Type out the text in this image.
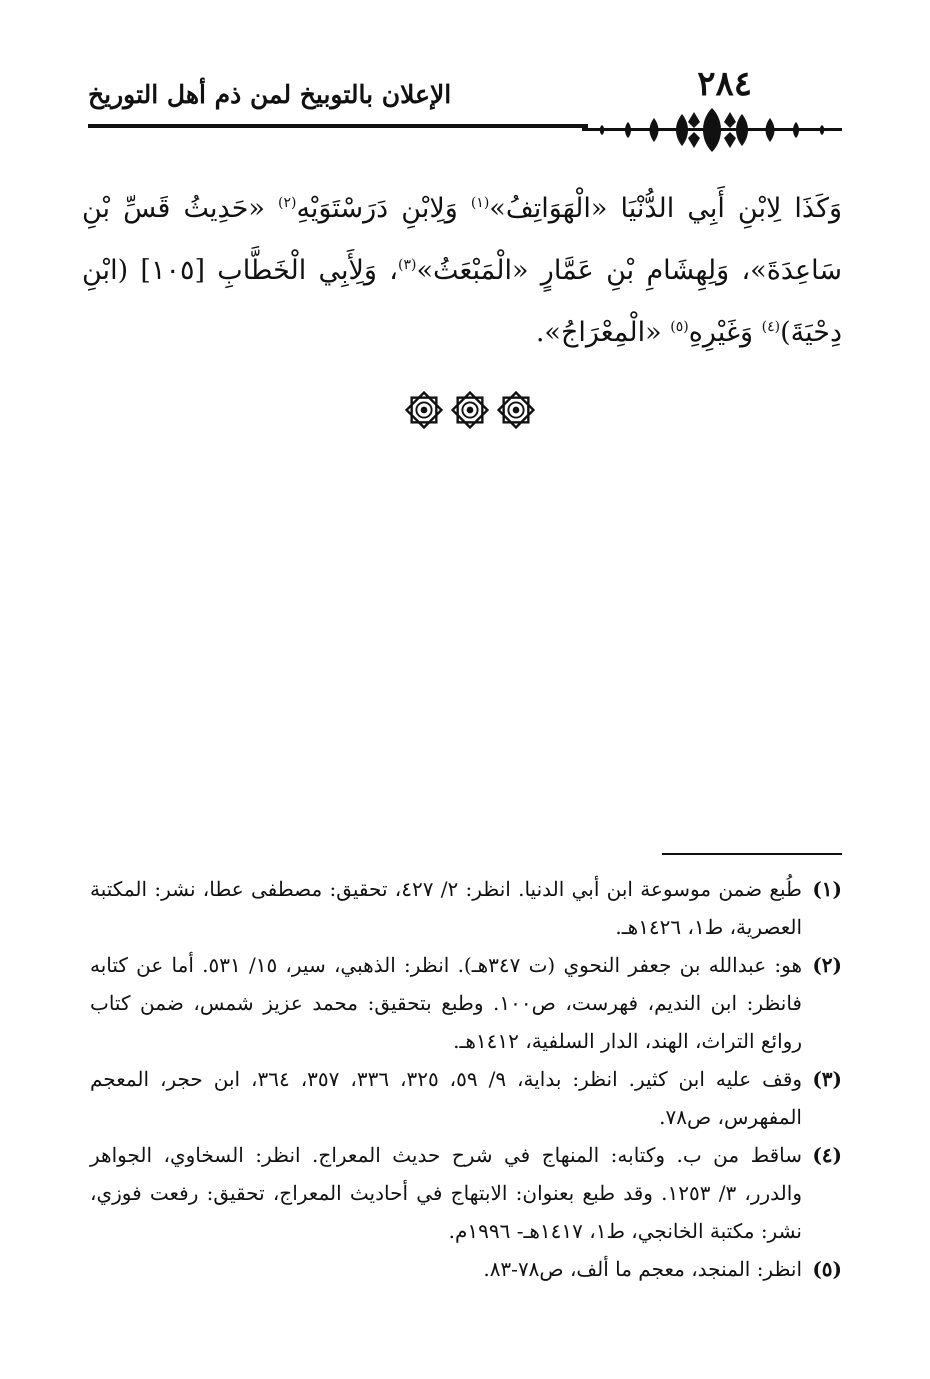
٢٨٤
الإعلان بالتوبيخ لمن ذم أهل التوريخ
وَكَذَا لِابْنِ أَبِي الدُّنْيَا «الْهَوَاتِفُ»$^{(١)}$ وَلِابْنِ دَرَسْتَوَيْهِ$^{(٢)}$ «حَدِيثُ قَسِّ بْنِ سَاعِدَةَ»، وَلِهِشَامِ بْنِ عَمَّارٍ «الْمَبْعَثُ»$^{(٣)}$، وَلِأَبِي الْخَطَّابِ [١٠٥] (ابْنِ دِحْيَةَ)$^{(٤)}$ وَغَيْرِهِ$^{(٥)}$ «الْمِعْرَاجُ».

(١)
طُبع ضمن موسوعة ابن أبي الدنيا. انظر: ٢/ ٤٢٧، تحقيق: مصطفى عطا، نشر: المكتبة العصرية، ط١، ١٤٢٦هـ.

(٢)
هو: عبدالله بن جعفر النحوي (ت ٣٤٧هـ). انظر: الذهبي، سير، ١٥/ ٥٣١. أما عن كتابه فانظر: ابن النديم، فهرست، ص١٠٠. وطبع بتحقيق: محمد عزيز شمس، ضمن كتاب روائع التراث، الهند، الدار السلفية، ١٤١٢هـ.

(٣)
وقف عليه ابن كثير. انظر: بداية، ٩/ ٥٩، ٣٢٥، ٣٣٦، ٣٥٧، ٣٦٤، ابن حجر، المعجم المفهرس، ص٧٨.

(٤)
ساقط من ب. وكتابه: المنهاج في شرح حديث المعراج. انظر: السخاوي، الجواهر والدرر، ٣/ ١٢٥٣. وقد طبع بعنوان: الابتهاج في أحاديث المعراج، تحقيق: رفعت فوزي، نشر: مكتبة الخانجي، ط١، ١٤١٧هـ- ١٩٩٦م.

(٥)
انظر: المنجد، معجم ما ألف، ص٧٨-٨٣.
